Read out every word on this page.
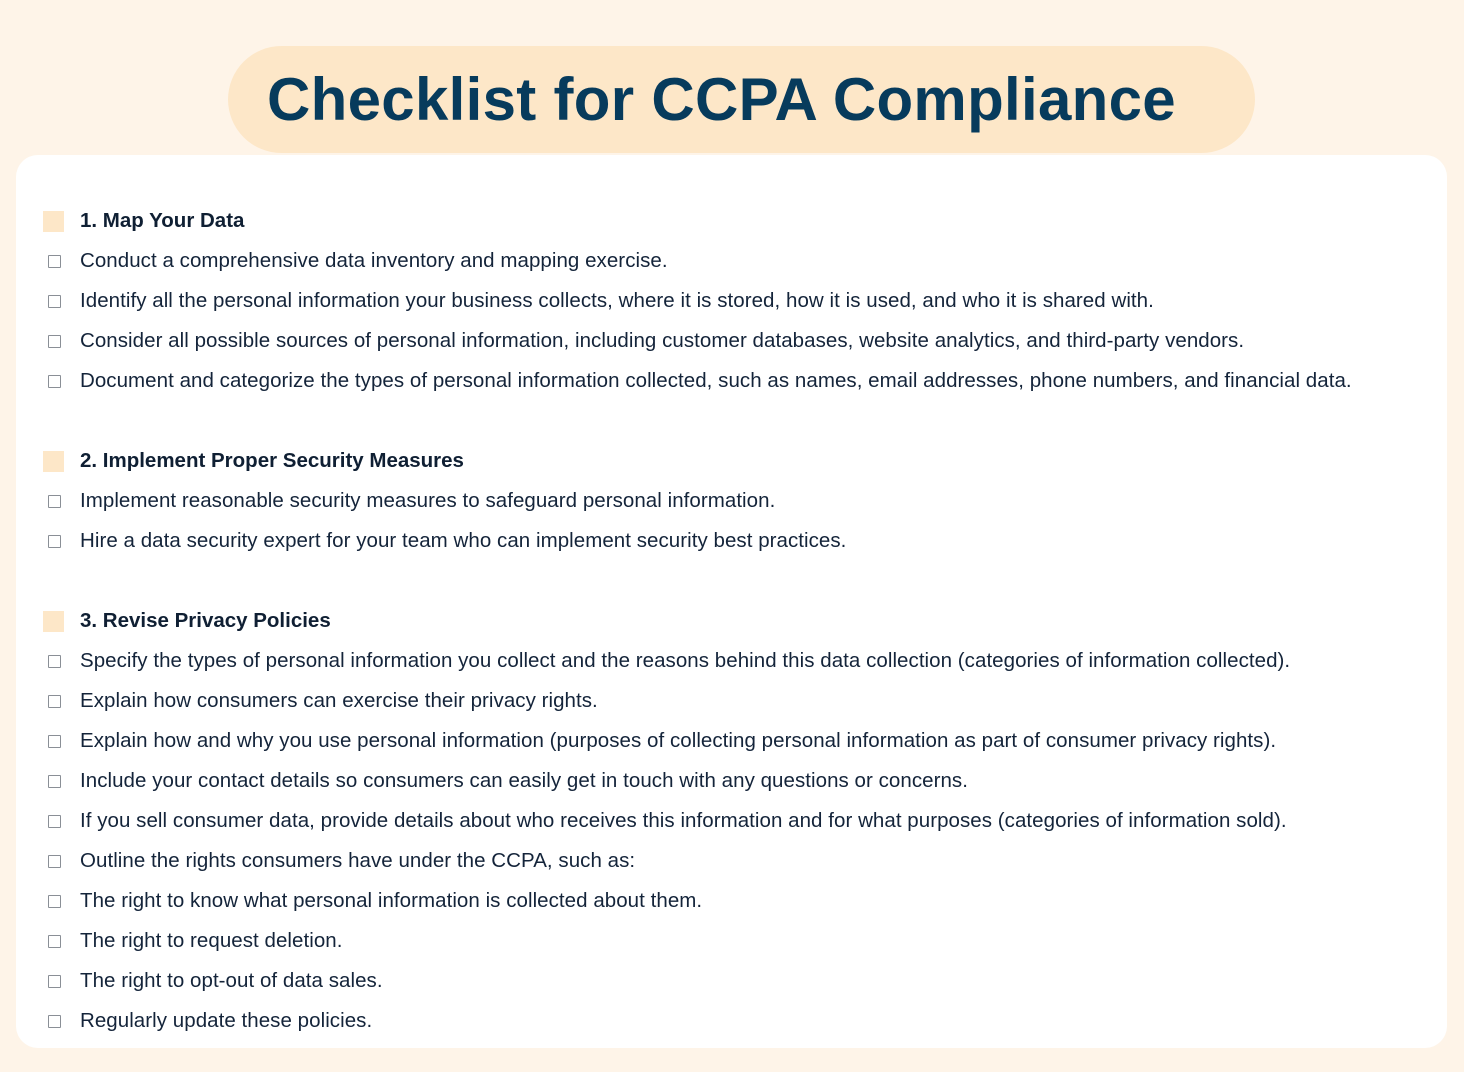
Checklist for CCPA Compliance
1. Map Your Data
Conduct a comprehensive data inventory and mapping exercise.
Identify all the personal information your business collects, where it is stored, how it is used, and who it is shared with.
Consider all possible sources of personal information, including customer databases, website analytics, and third-party vendors.
Document and categorize the types of personal information collected, such as names, email addresses, phone numbers, and financial data.
2. Implement Proper Security Measures
Implement reasonable security measures to safeguard personal information.
Hire a data security expert for your team who can implement security best practices.
3. Revise Privacy Policies
Specify the types of personal information you collect and the reasons behind this data collection (categories of information collected).
Explain how consumers can exercise their privacy rights.
Explain how and why you use personal information (purposes of collecting personal information as part of consumer privacy rights).
Include your contact details so consumers can easily get in touch with any questions or concerns.
If you sell consumer data, provide details about who receives this information and for what purposes (categories of information sold).
Outline the rights consumers have under the CCPA, such as:
The right to know what personal information is collected about them.
The right to request deletion.
The right to opt-out of data sales.
Regularly update these policies.
